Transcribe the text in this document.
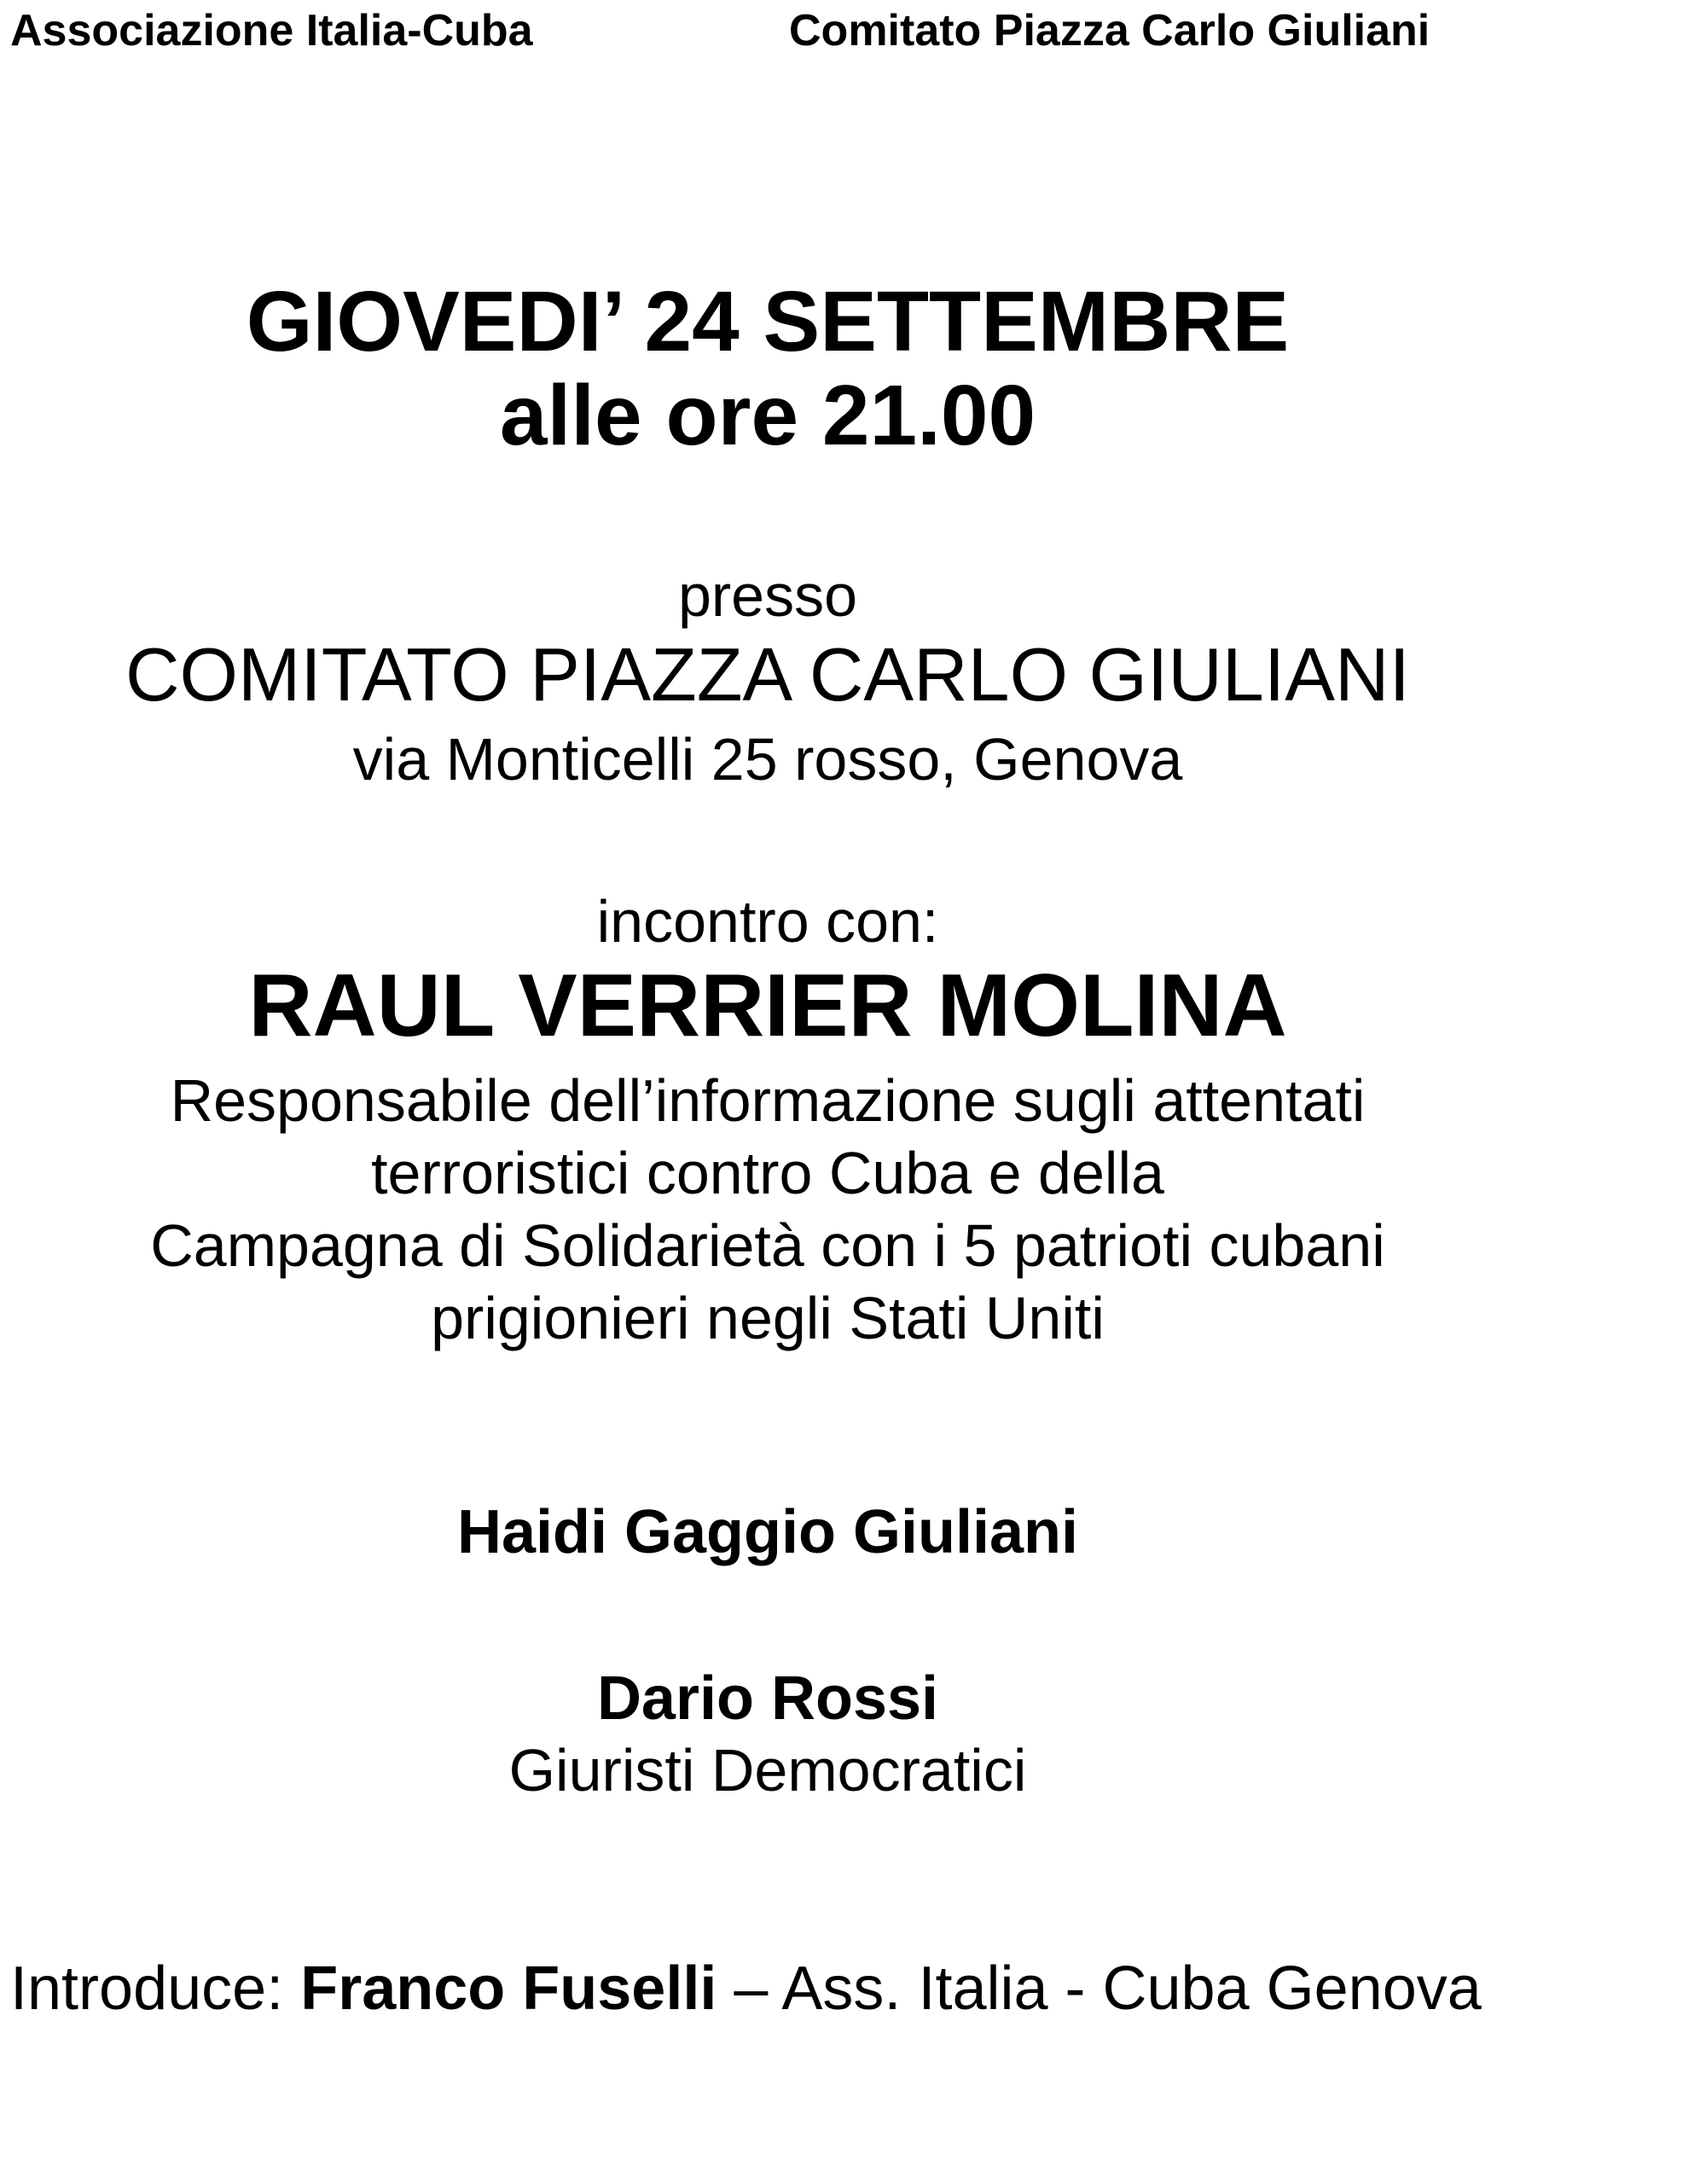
Associazione Italia-Cuba	Comitato Piazza Carlo Giuliani
GIOVEDI’ 24 SETTEMBRE
alle ore 21.00
presso
COMITATO PIAZZA CARLO GIULIANI
via Monticelli 25 rosso, Genova
incontro con:
RAUL VERRIER MOLINA
Responsabile dell’informazione sugli attentati
terroristici contro Cuba e della
Campagna di Solidarietà con i 5 patrioti cubani
prigionieri negli Stati Uniti
Haidi Gaggio Giuliani
Dario Rossi
Giuristi Democratici
Introduce: Franco Fuselli – Ass. Italia - Cuba Genova
